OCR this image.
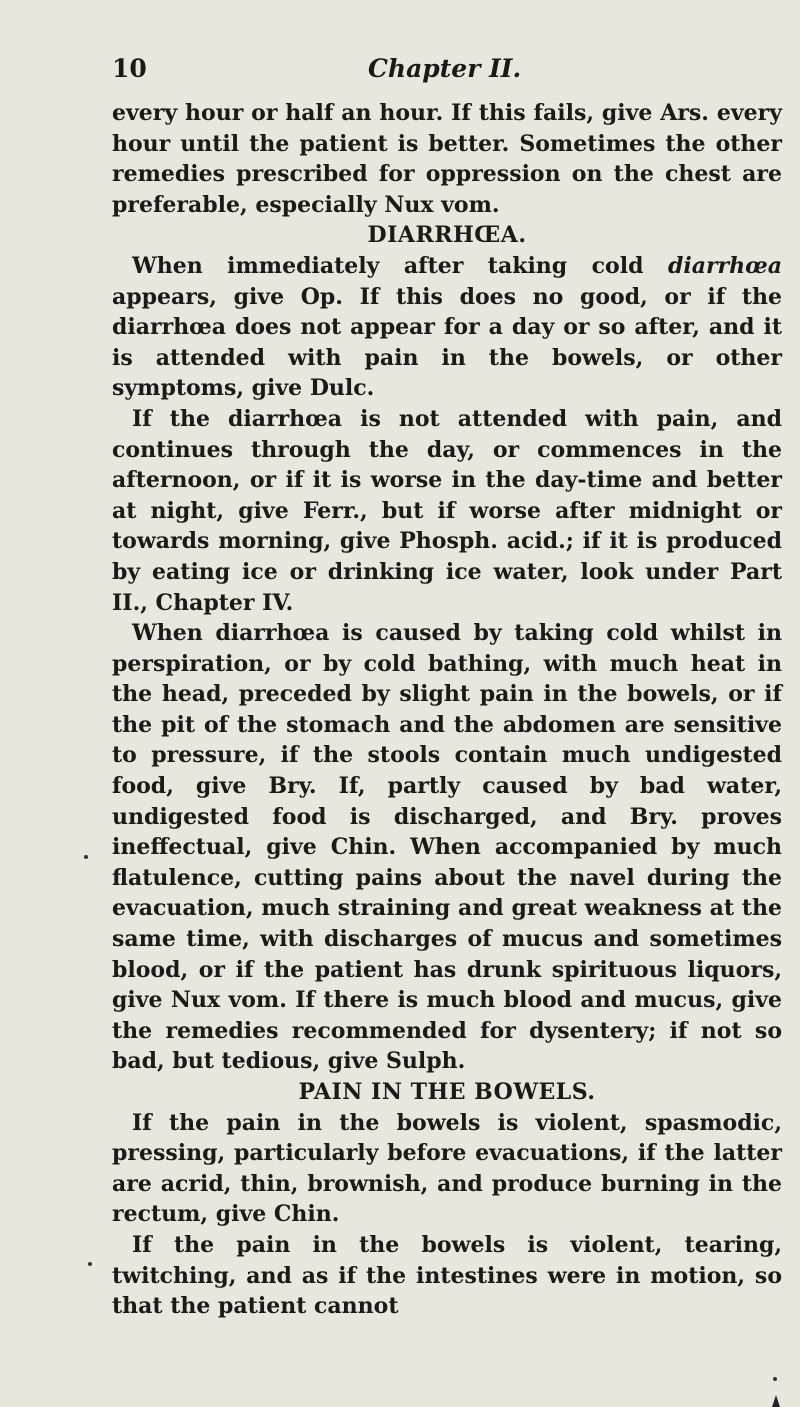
10	Chapter II.

every hour or half an hour. If this fails, give Ars. every hour until the patient is better. Sometimes the other remedies prescribed for oppression on the chest are preferable, especially Nux vom.

DIARRHŒA.

When immediately after taking cold diarrhœa appears, give Op. If this does no good, or if the diarrhœa does not appear for a day or so after, and it is attended with pain in the bowels, or other symptoms, give Dulc.

If the diarrhœa is not attended with pain, and continues through the day, or commences in the afternoon, or if it is worse in the day-time and better at night, give Ferr., but if worse after midnight or towards morning, give Phosph. acid.; if it is produced by eating ice or drinking ice water, look under Part II., Chapter IV.

When diarrhœa is caused by taking cold whilst in perspiration, or by cold bathing, with much heat in the head, preceded by slight pain in the bowels, or if the pit of the stomach and the abdomen are sensitive to pressure, if the stools contain much undigested food, give Bry. If, partly caused by bad water, undigested food is discharged, and Bry. proves ineffectual, give Chin. When accompanied by much flatulence, cutting pains about the navel during the evacuation, much straining and great weakness at the same time, with discharges of mucus and sometimes blood, or if the patient has drunk spirituous liquors, give Nux vom. If there is much blood and mucus, give the remedies recommended for dysentery; if not so bad, but tedious, give Sulph.

PAIN IN THE BOWELS.

If the pain in the bowels is violent, spasmodic, pressing, particularly before evacuations, if the latter are acrid, thin, brownish, and produce burning in the rectum, give Chin.

If the pain in the bowels is violent, tearing, twitching, and as if the intestines were in motion, so that the patient cannot
